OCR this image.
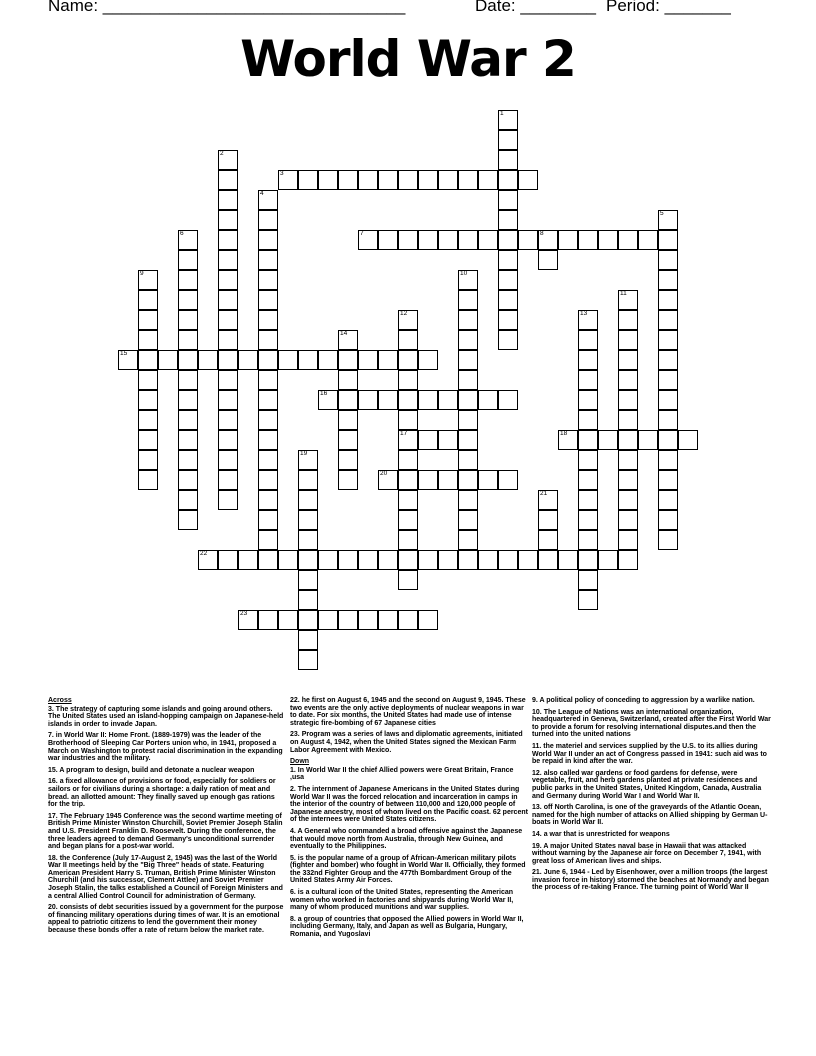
Name: ________________________________	Date: ________ Period: _______
World War 2
3
7	8
15
16
17	18
20
22
23
1
2
4
5
6
9	10
11
12	13
14
19
21
Across

3. The strategy of capturing some islands and going around others. The United States used an island-hopping campaign on Japanese-held islands in order to invade Japan.

7. in World War II: Home Front. (1889-1979) was the leader of the Brotherhood of Sleeping Car Porters union who, in 1941, proposed a March on Washington to protest racial discrimination in the expanding war industries and the military.

15. A program to design, build and detonate a nuclear weapon

16. a fixed allowance of provisions or food, especially for soldiers or sailors or for civilians during a shortage: a daily ration of meat and bread. an allotted amount: They finally saved up enough gas rations for the trip.

17. The February 1945 Conference was the second wartime meeting of British Prime Minister Winston Churchill, Soviet Premier Joseph Stalin and U.S. President Franklin D. Roosevelt. During the conference, the three leaders agreed to demand Germany's unconditional surrender and began plans for a post-war world.

18. the Conference (July 17-August 2, 1945) was the last of the World War II meetings held by the "Big Three" heads of state. Featuring American President Harry S. Truman, British Prime Minister Winston Churchill (and his successor, Clement Attlee) and Soviet Premier Joseph Stalin, the talks established a Council of Foreign Ministers and a central Allied Control Council for administration of Germany.

20. consists of debt securities issued by a government for the purpose of financing military operations during times of war. It is an emotional appeal to patriotic citizens to lend the government their money because these bonds offer a rate of return below the market rate.

22. he first on August 6, 1945 and the second on August 9, 1945. These two events are the only active deployments of nuclear weapons in war to date. For six months, the United States had made use of intense strategic fire-bombing of 67 Japanese cities

23. Program was a series of laws and diplomatic agreements, initiated on August 4, 1942, when the United States signed the Mexican Farm Labor Agreement with Mexico.

Down

1. In World War II the chief Allied powers were Great Britain, France ,usa

2. The internment of Japanese Americans in the United States during World War II was the forced relocation and incarceration in camps in the interior of the country of between 110,000 and 120,000 people of Japanese ancestry, most of whom lived on the Pacific coast. 62 percent of the internees were United States citizens.

4. A General who commanded a broad offensive against the Japanese that would move north from Australia, through New Guinea, and eventually to the Philippines.

5. is the popular name of a group of African-American military pilots (fighter and bomber) who fought in World War II. Officially, they formed the 332nd Fighter Group and the 477th Bombardment Group of the United States Army Air Forces.

6. is a cultural icon of the United States, representing the American women who worked in factories and shipyards during World War II, many of whom produced munitions and war supplies.

8. a group of countries that opposed the Allied powers in World War II, including Germany, Italy, and Japan as well as Bulgaria, Hungary, Romania, and Yugoslavi

9. A political policy of conceding to aggression by a warlike nation.

10. The League of Nations was an international organization, headquartered in Geneva, Switzerland, created after the First World War to provide a forum for resolving international disputes.and then the turned into the united nations

11. the materiel and services supplied by the U.S. to its allies during World War II under an act of Congress passed in 1941: such aid was to be repaid in kind after the war.

12. also called war gardens or food gardens for defense, were vegetable, fruit, and herb gardens planted at private residences and public parks in the United States, United Kingdom, Canada, Australia and Germany during World War I and World War II.

13. off North Carolina, is one of the graveyards of the Atlantic Ocean, named for the high number of attacks on Allied shipping by German U-boats in World War II.

14. a war that is unrestricted for weapons

19. A major United States naval base in Hawaii that was attacked without warning by the Japanese air force on December 7, 1941, with great loss of American lives and ships.

21. June 6, 1944 - Led by Eisenhower, over a million troops (the largest invasion force in history) stormed the beaches at Normandy and began the process of re-taking France. The turning point of World War II
